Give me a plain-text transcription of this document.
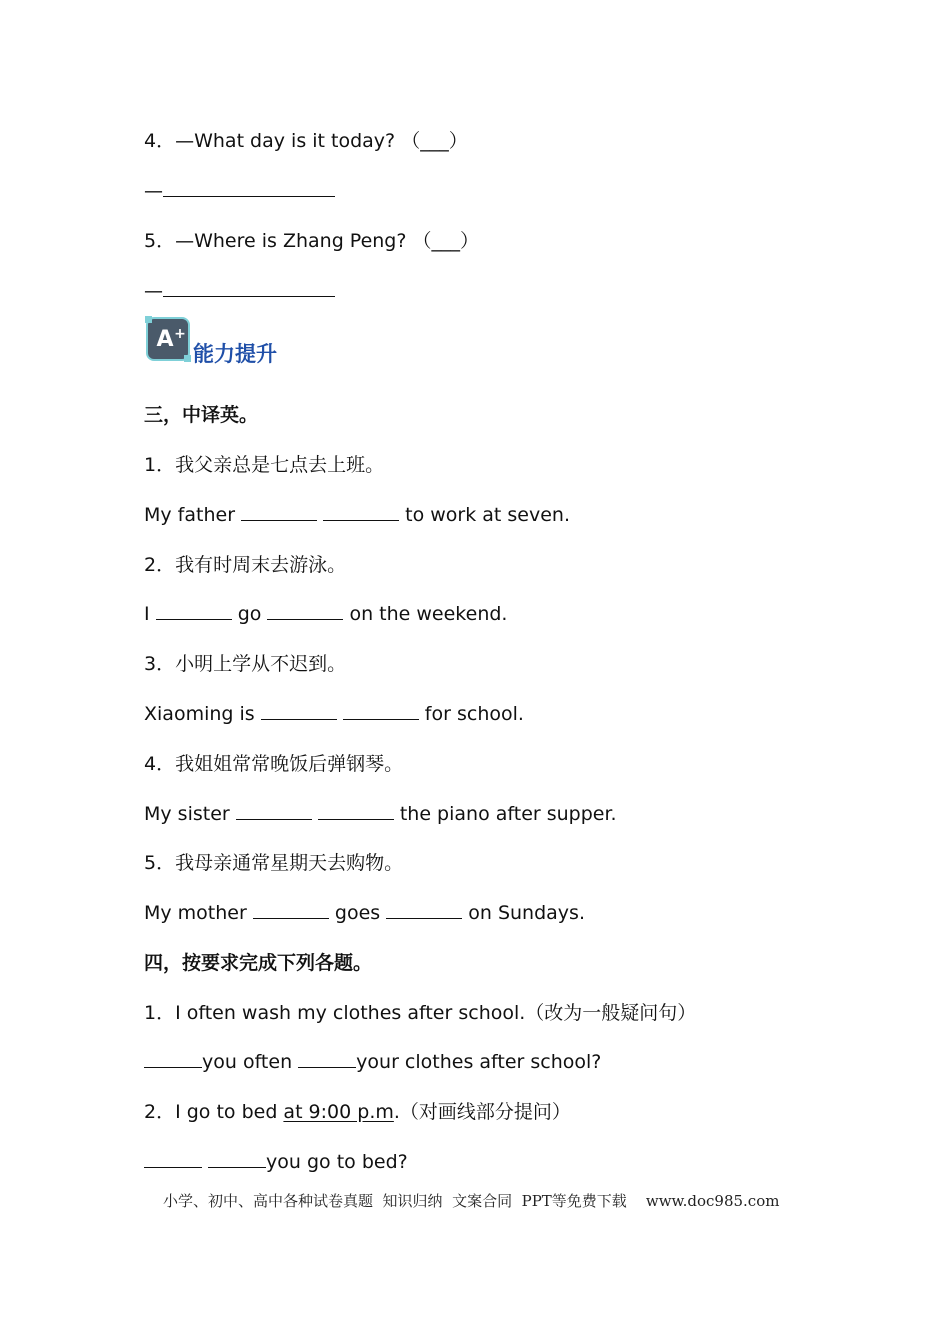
4．—What day is it today? （___）
—
5．—Where is Zhang Peng? （___）
—
A +
能力提升
三，中译英。
1．我父亲总是七点去上班。
My father	to work at seven.
2．我有时周末去游泳。
I	go	on the weekend.
3．小明上学从不迟到。
Xiaoming is	for school.
4．我姐姐常常晚饭后弹钢琴。
My sister	the piano after supper.
5．我母亲通常星期天去购物。
My mother	goes	on Sundays.
四，按要求完成下列各题。
1．I often wash my clothes after school.（改为一般疑问句）
you often	your clothes after school?
2．I go to bed at 9:00 p.m.（对画线部分提问）
you go to bed?
小学、初中、高中各种试卷真题  知识归纳  文案合同  PPT等免费下载    www.doc985.com
